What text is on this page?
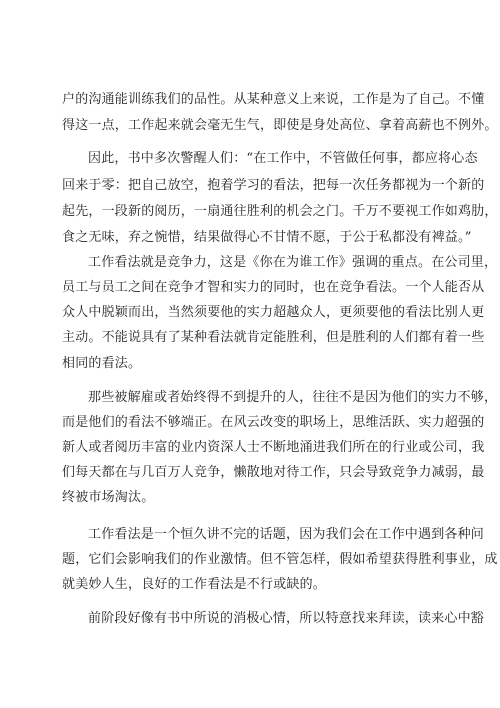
户的沟通能训练我们的品性。从某种意义上来说，工作是为了自己。不懂
得这一点，工作起来就会毫无生气，即使是身处高位、拿着高薪也不例外。
因此，书中多次警醒人们：“在工作中，不管做任何事，都应将心态
回来于零：把自己放空，抱着学习的看法，把每一次任务都视为一个新的
起先，一段新的阅历，一扇通往胜利的机会之门。千万不要视工作如鸡肋，
食之无味，弃之惋惜，结果做得心不甘情不愿，于公于私都没有裨益。”
工作看法就是竞争力，这是《你在为谁工作》强调的重点。在公司里，
员工与员工之间在竞争才智和实力的同时，也在竞争看法。一个人能否从
众人中脱颖而出，当然须要他的实力超越众人，更须要他的看法比别人更
主动。不能说具有了某种看法就肯定能胜利，但是胜利的人们都有着一些
相同的看法。
那些被解雇或者始终得不到提升的人，往往不是因为他们的实力不够，
而是他们的看法不够端正。在风云改变的职场上，思维活跃、实力超强的
新人或者阅历丰富的业内资深人士不断地涌进我们所在的行业或公司，我
们每天都在与几百万人竞争，懒散地对待工作，只会导致竞争力减弱，最
终被市场淘汰。
工作看法是一个恒久讲不完的话题，因为我们会在工作中遇到各种问
题，它们会影响我们的作业激情。但不管怎样，假如希望获得胜利事业，成
就美妙人生，良好的工作看法是不行或缺的。
前阶段好像有书中所说的消极心情，所以特意找来拜读，读来心中豁
